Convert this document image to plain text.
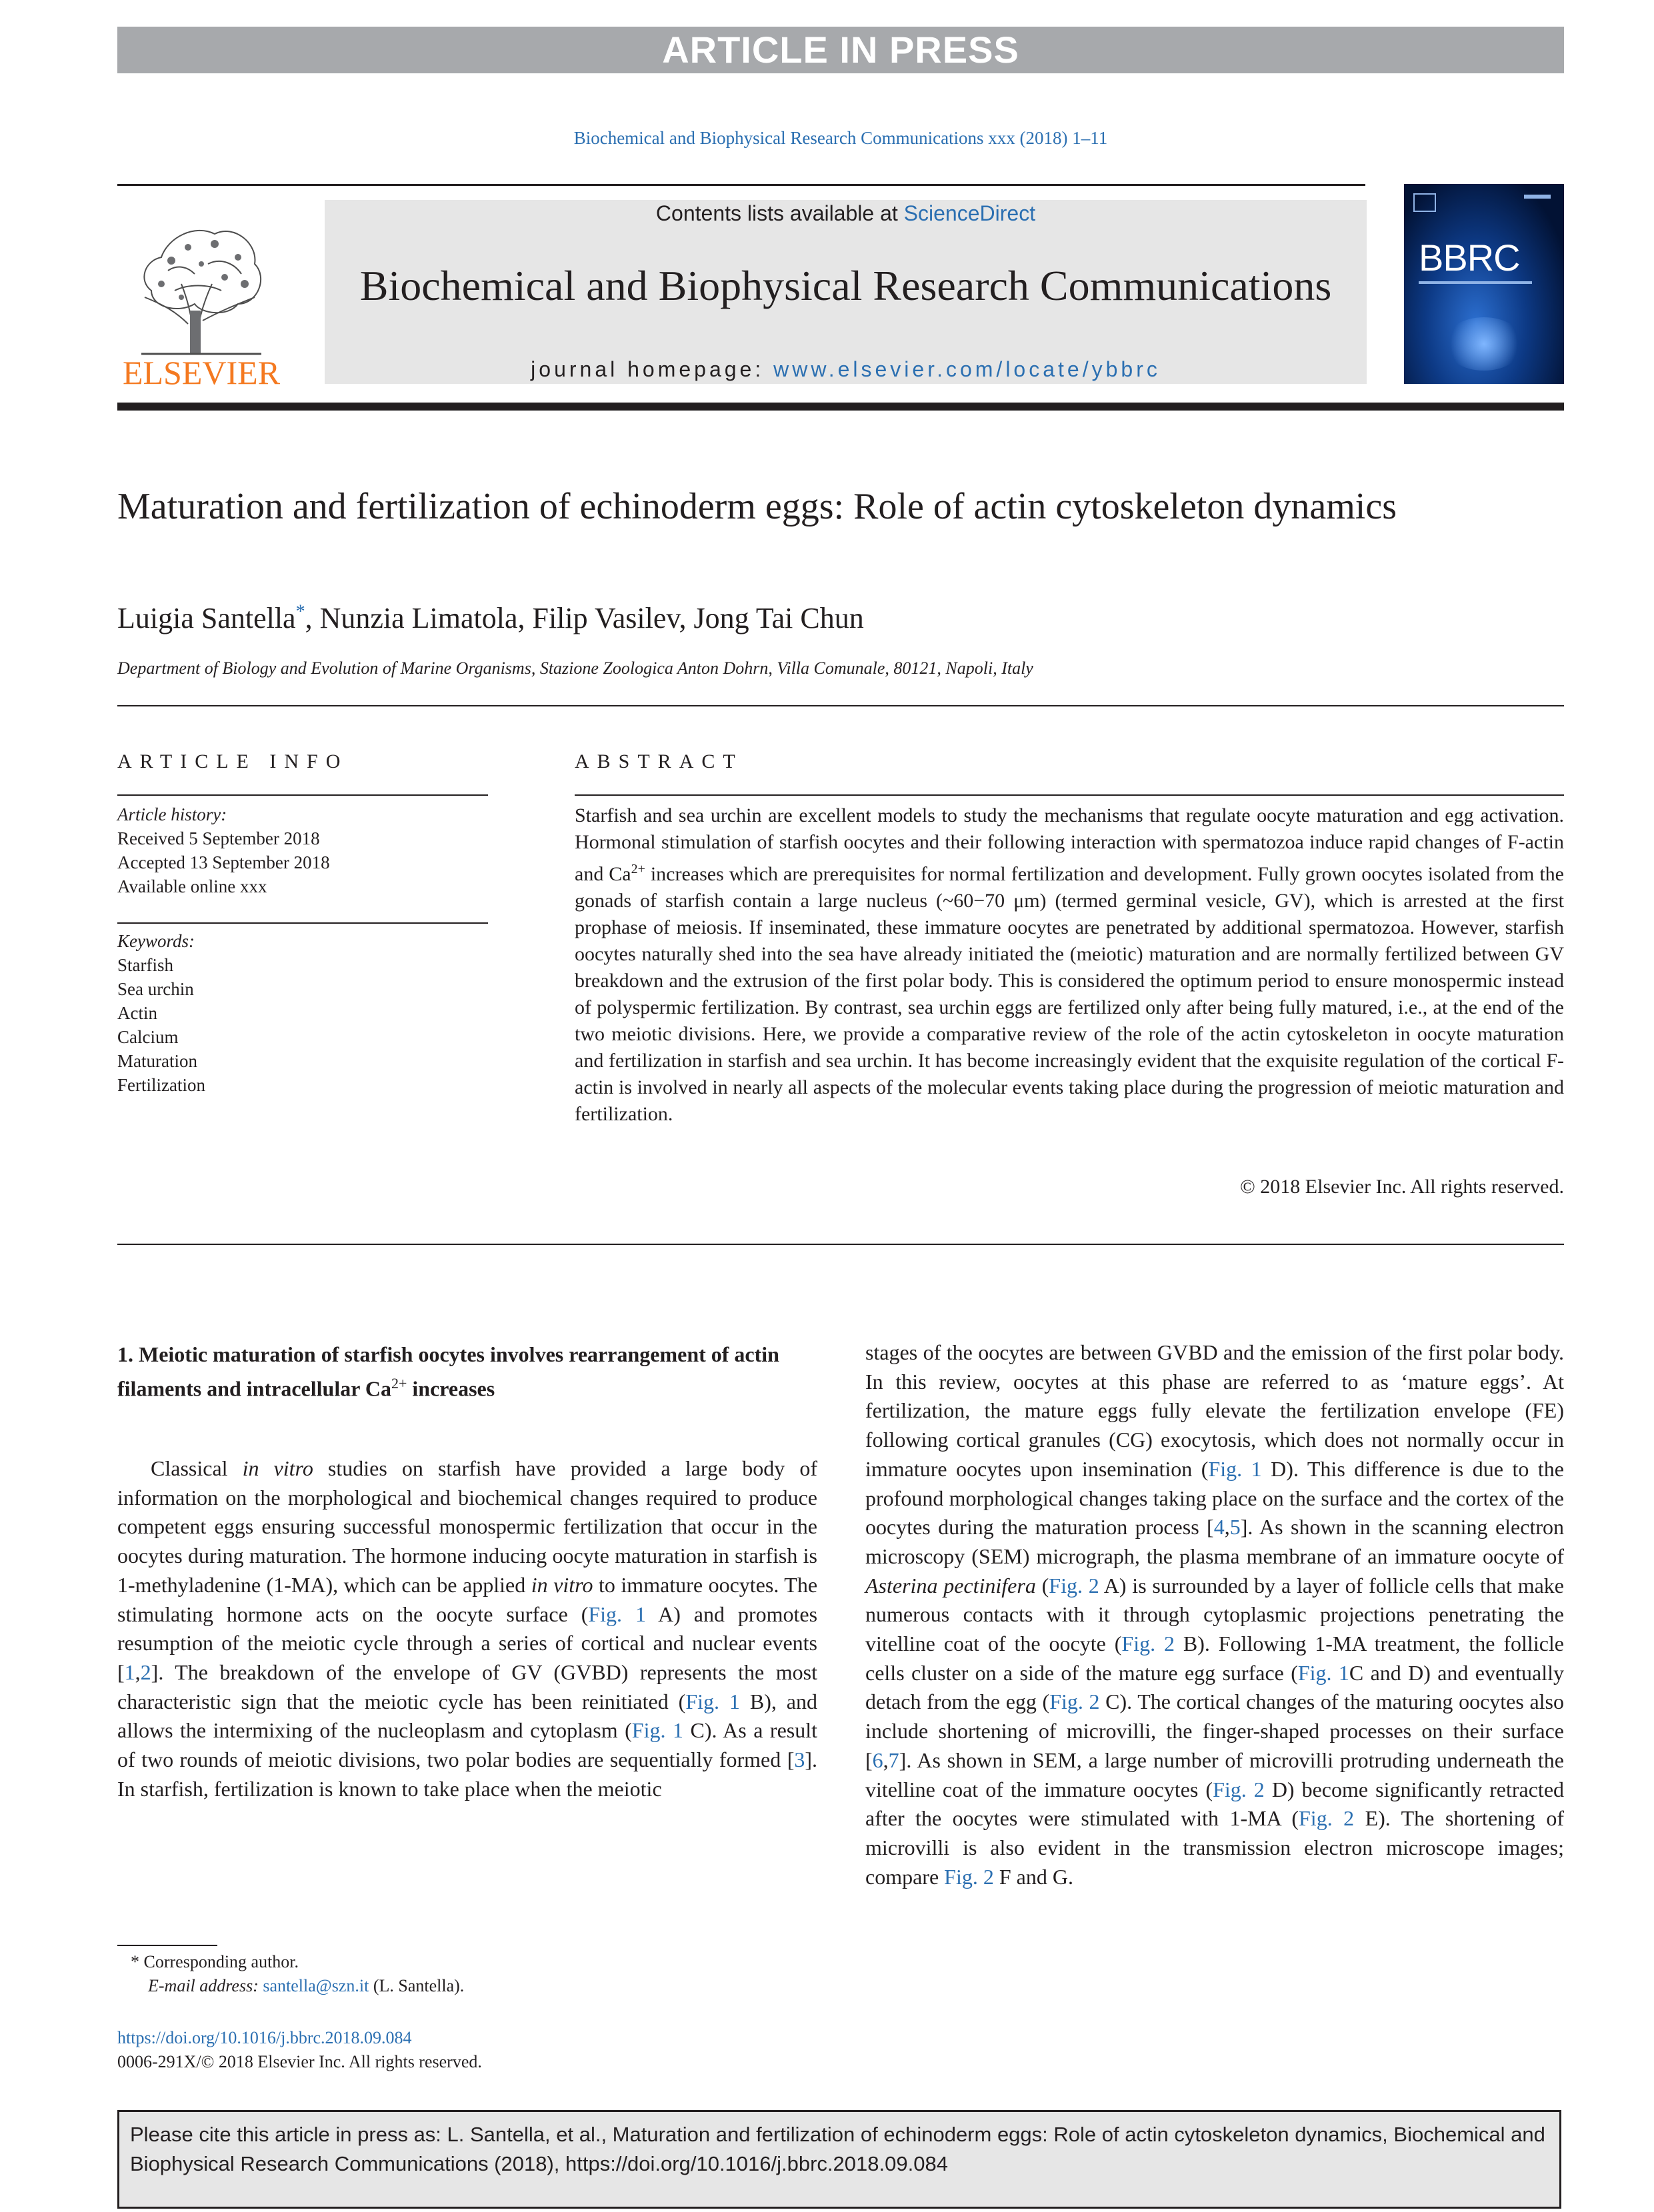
ARTICLE IN PRESS
Biochemical and Biophysical Research Communications xxx (2018) 1–11
ELSEVIER
Contents lists available at ScienceDirect
Biochemical and Biophysical Research Communications
journal homepage: www.elsevier.com/locate/ybbrc
BBRC
Maturation and fertilization of echinoderm eggs: Role of actin cytoskeleton dynamics
Luigia Santella*, Nunzia Limatola, Filip Vasilev, Jong Tai Chun
Department of Biology and Evolution of Marine Organisms, Stazione Zoologica Anton Dohrn, Villa Comunale, 80121, Napoli, Italy
ARTICLE INFO
Article history:
Received 5 September 2018
Accepted 13 September 2018
Available online xxx
Keywords:
Starfish
Sea urchin
Actin
Calcium
Maturation
Fertilization
ABSTRACT
Starfish and sea urchin are excellent models to study the mechanisms that regulate oocyte maturation and egg activation. Hormonal stimulation of starfish oocytes and their following interaction with spermatozoa induce rapid changes of F-actin and $Ca^{2+}$ increases which are prerequisites for normal fertilization and development. Fully grown oocytes isolated from the gonads of starfish contain a large nucleus (~60−70 μm) (termed germinal vesicle, GV), which is arrested at the first prophase of meiosis. If inseminated, these immature oocytes are penetrated by additional spermatozoa. However, starfish oocytes naturally shed into the sea have already initiated the (meiotic) maturation and are normally fertilized between GV breakdown and the extrusion of the first polar body. This is considered the optimum period to ensure monospermic instead of polyspermic fertilization. By contrast, sea urchin eggs are fertilized only after being fully matured, i.e., at the end of the two meiotic divisions. Here, we provide a comparative review of the role of the actin cytoskeleton in oocyte maturation and fertilization in starfish and sea urchin. It has become increasingly evident that the exquisite regulation of the cortical F-actin is involved in nearly all aspects of the molecular events taking place during the progression of meiotic maturation and fertilization.
© 2018 Elsevier Inc. All rights reserved.
1. Meiotic maturation of starfish oocytes involves rearrangement of actin filaments and intracellular $Ca^{2+}$ increases
Classical in vitro studies on starfish have provided a large body of information on the morphological and biochemical changes required to produce competent eggs ensuring successful monospermic fertilization that occur in the oocytes during maturation. The hormone inducing oocyte maturation in starfish is 1-methyladenine (1-MA), which can be applied in vitro to immature oocytes. The stimulating hormone acts on the oocyte surface (Fig. 1 A) and promotes resumption of the meiotic cycle through a series of cortical and nuclear events [1,2]. The breakdown of the envelope of GV (GVBD) represents the most characteristic sign that the meiotic cycle has been reinitiated (Fig. 1 B), and allows the intermixing of the nucleoplasm and cytoplasm (Fig. 1 C). As a result of two rounds of meiotic divisions, two polar bodies are sequentially formed [3]. In starfish, fertilization is known to take place when the meiotic
stages of the oocytes are between GVBD and the emission of the first polar body. In this review, oocytes at this phase are referred to as ‘mature eggs’. At fertilization, the mature eggs fully elevate the fertilization envelope (FE) following cortical granules (CG) exocytosis, which does not normally occur in immature oocytes upon insemination (Fig. 1 D). This difference is due to the profound morphological changes taking place on the surface and the cortex of the oocytes during the maturation process [4,5]. As shown in the scanning electron microscopy (SEM) micrograph, the plasma membrane of an immature oocyte of Asterina pectinifera (Fig. 2 A) is surrounded by a layer of follicle cells that make numerous contacts with it through cytoplasmic projections penetrating the vitelline coat of the oocyte (Fig. 2 B). Following 1-MA treatment, the follicle cells cluster on a side of the mature egg surface (Fig. 1C and D) and eventually detach from the egg (Fig. 2 C). The cortical changes of the maturing oocytes also include shortening of microvilli, the finger-shaped processes on their surface [6,7]. As shown in SEM, a large number of microvilli protruding underneath the vitelline coat of the immature oocytes (Fig. 2 D) become significantly retracted after the oocytes were stimulated with 1-MA (Fig. 2 E). The shortening of microvilli is also evident in the transmission electron microscope images; compare Fig. 2 F and G.
* Corresponding author.
E-mail address: santella@szn.it (L. Santella).
https://doi.org/10.1016/j.bbrc.2018.09.084
0006-291X/© 2018 Elsevier Inc. All rights reserved.
Please cite this article in press as: L. Santella, et al., Maturation and fertilization of echinoderm eggs: Role of actin cytoskeleton dynamics, Biochemical and Biophysical Research Communications (2018), https://doi.org/10.1016/j.bbrc.2018.09.084
